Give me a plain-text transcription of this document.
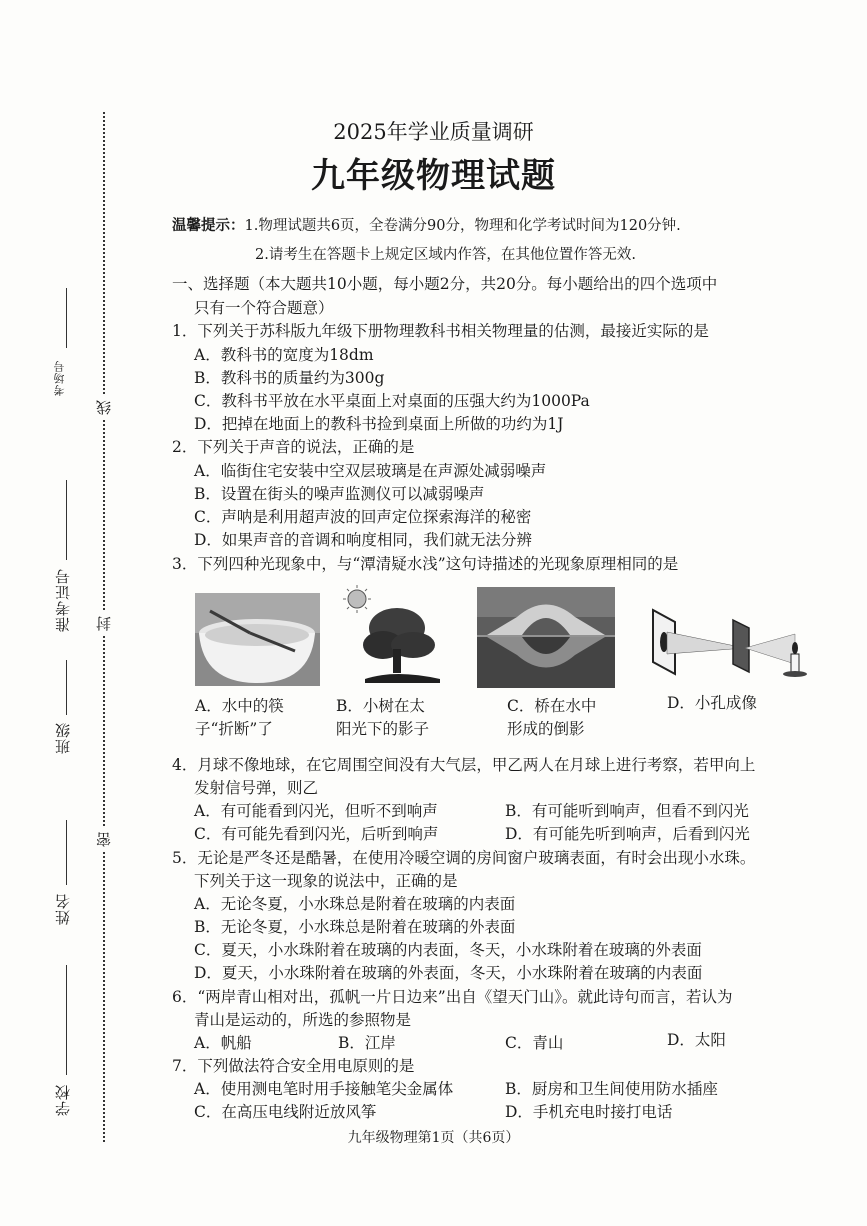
线
封
密
考场号
准考证号
班级
姓名
学校
2025年学业质量调研
九年级物理试题
温馨提示：1.物理试题共6页，全卷满分90分，物理和化学考试时间为120分钟.
2.请考生在答题卡上规定区域内作答，在其他位置作答无效.
一、选择题（本大题共10小题，每小题2分，共20分。每小题给出的四个选项中
只有一个符合题意）
1．下列关于苏科版九年级下册物理教科书相关物理量的估测，最接近实际的是
A．教科书的宽度为18dm
B．教科书的质量约为300g
C．教科书平放在水平桌面上对桌面的压强大约为1000Pa
D．把掉在地面上的教科书捡到桌面上所做的功约为1J
2．下列关于声音的说法，正确的是
A．临街住宅安装中空双层玻璃是在声源处减弱噪声
B．设置在街头的噪声监测仪可以减弱噪声
C．声呐是利用超声波的回声定位探索海洋的秘密
D．如果声音的音调和响度相同，我们就无法分辨
3．下列四种光现象中，与“潭清疑水浅”这句诗描述的光现象原理相同的是
A．水中的筷
子“折断”了
B．小树在太
阳光下的影子
C．桥在水中
形成的倒影
D．小孔成像
4．月球不像地球，在它周围空间没有大气层，甲乙两人在月球上进行考察，若甲向上
发射信号弹，则乙
A．有可能看到闪光，但听不到响声	B．有可能听到响声，但看不到闪光
C．有可能先看到闪光，后听到响声	D．有可能先听到响声，后看到闪光
5．无论是严冬还是酷暑，在使用冷暖空调的房间窗户玻璃表面，有时会出现小水珠。
下列关于这一现象的说法中，正确的是
A．无论冬夏，小水珠总是附着在玻璃的内表面
B．无论冬夏，小水珠总是附着在玻璃的外表面
C．夏天，小水珠附着在玻璃的内表面，冬天，小水珠附着在玻璃的外表面
D．夏天，小水珠附着在玻璃的外表面，冬天，小水珠附着在玻璃的内表面
6．“两岸青山相对出，孤帆一片日边来”出自《望天门山》。就此诗句而言，若认为
青山是运动的，所选的参照物是
A．帆船	B．江岸	C．青山	D．太阳
7．下列做法符合安全用电原则的是
A．使用测电笔时用手接触笔尖金属体	B．厨房和卫生间使用防水插座
C．在高压电线附近放风筝	D．手机充电时接打电话
九年级物理第1页（共6页）
